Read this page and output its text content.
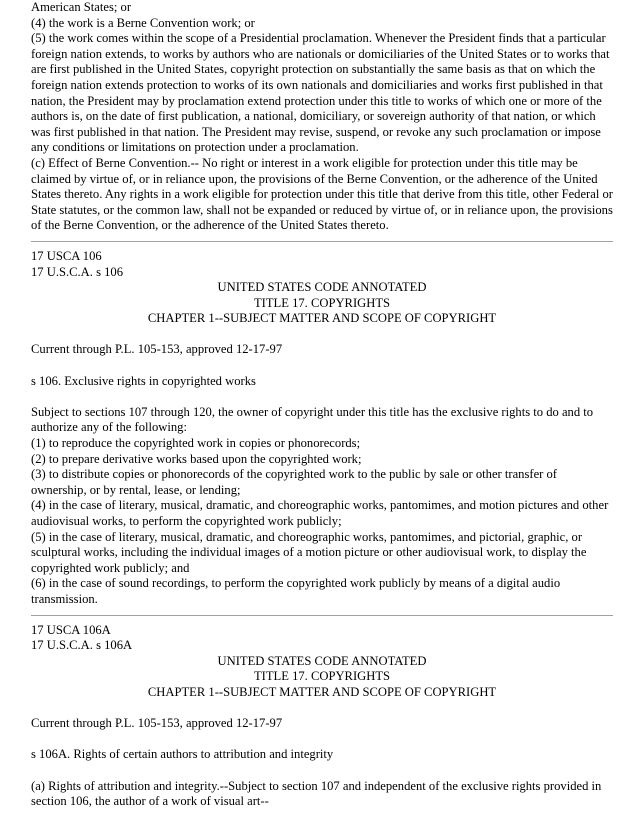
American States; or
(4) the work is a Berne Convention work; or

(5) the work comes within the scope of a Presidential proclamation. Whenever the President finds that a particular foreign nation extends, to works by authors who are nationals or domiciliaries of the United States or to works that are first published in the United States, copyright protection on substantially the same basis as that on which the foreign nation extends protection to works of its own nationals and domiciliaries and works first published in that nation, the President may by proclamation extend protection under this title to works of which one or more of the authors is, on the date of first publication, a national, domiciliary, or sovereign authority of that nation, or which was first published in that nation. The President may revise, suspend, or revoke any such proclamation or impose any conditions or limitations on protection under a proclamation.

(c) Effect of Berne Convention.-- No right or interest in a work eligible for protection under this title may be claimed by virtue of, or in reliance upon, the provisions of the Berne Convention, or the adherence of the United States thereto. Any rights in a work eligible for protection under this title that derive from this title, other Federal or State statutes, or the common law, shall not be expanded or reduced by virtue of, or in reliance upon, the provisions of the Berne Convention, or the adherence of the United States thereto.

17 USCA 106
17 U.S.C.A. s 106
UNITED STATES CODE ANNOTATED
TITLE 17. COPYRIGHTS
CHAPTER 1--SUBJECT MATTER AND SCOPE OF COPYRIGHT
Current through P.L. 105-153, approved 12-17-97
s 106. Exclusive rights in copyrighted works

Subject to sections 107 through 120, the owner of copyright under this title has the exclusive rights to do and to authorize any of the following:

(1) to reproduce the copyrighted work in copies or phonorecords;

(2) to prepare derivative works based upon the copyrighted work;

(3) to distribute copies or phonorecords of the copyrighted work to the public by sale or other transfer of ownership, or by rental, lease, or lending;

(4) in the case of literary, musical, dramatic, and choreographic works, pantomimes, and motion pictures and other audiovisual works, to perform the copyrighted work publicly;

(5) in the case of literary, musical, dramatic, and choreographic works, pantomimes, and pictorial, graphic, or sculptural works, including the individual images of a motion picture or other audiovisual work, to display the copyrighted work publicly; and

(6) in the case of sound recordings, to perform the copyrighted work publicly by means of a digital audio transmission.

17 USCA 106A
17 U.S.C.A. s 106A
UNITED STATES CODE ANNOTATED
TITLE 17. COPYRIGHTS
CHAPTER 1--SUBJECT MATTER AND SCOPE OF COPYRIGHT
Current through P.L. 105-153, approved 12-17-97
s 106A. Rights of certain authors to attribution and integrity

(a) Rights of attribution and integrity.--Subject to section 107 and independent of the exclusive rights provided in section 106, the author of a work of visual art--
